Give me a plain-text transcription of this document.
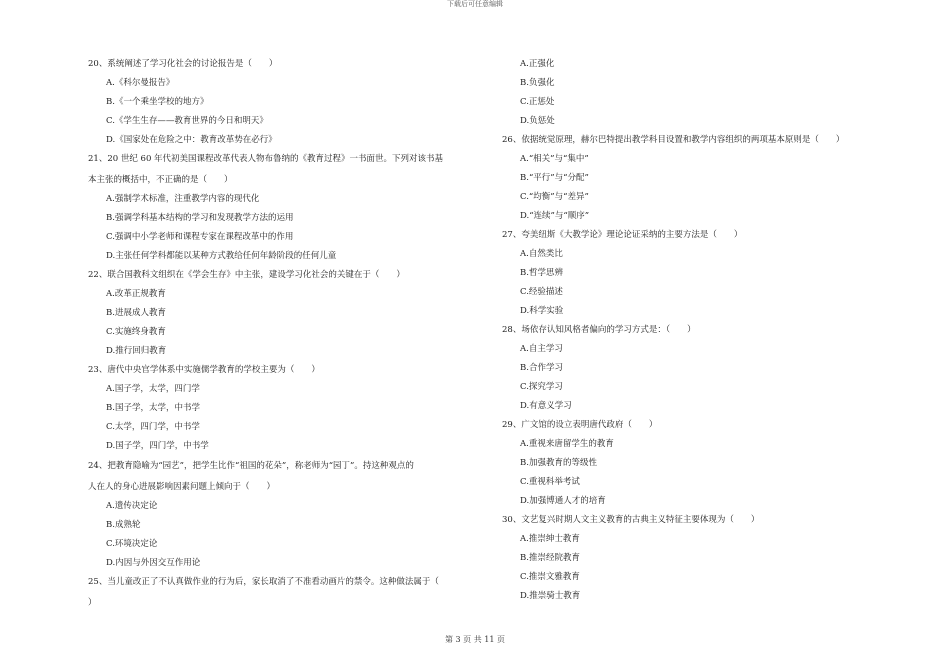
下载后可任意编辑
20、系统阐述了学习化社会的讨论报告是（　　）
A.《科尔曼报告》
B.《一个乘坐学校的地方》
C.《学生生存——教育世界的今日和明天》
D.《国家处在危险之中：教育改革势在必行》
21、20 世纪 60 年代初美国课程改革代表人物布鲁纳的《教育过程》一书面世。下列对该书基
本主张的概括中，不正确的是（　　）
A.强制学术标准，注重教学内容的现代化
B.强调学科基本结构的学习和发现教学方法的运用
C.强调中小学老师和课程专家在课程改革中的作用
D.主张任何学科都能以某种方式教给任何年龄阶段的任何儿童
22、联合国教科文组织在《学会生存》中主张，建设学习化社会的关键在于（　　）
A.改革正规教育
B.进展成人教育
C.实施终身教育
D.推行回归教育
23、唐代中央官学体系中实施儒学教育的学校主要为（　　）
A.国子学，太学，四门学
B.国子学，太学，中书学
C.太学，四门学，中书学
D.国子学，四门学，中书学
24、把教育隐喻为“园艺”，把学生比作“祖国的花朵”，称老师为“园丁”。持这种观点的
人在人的身心进展影响因素问题上倾向于（　　）
A.遗传决定论
B.成熟轮
C.环境决定论
D.内因与外因交互作用论
25、当儿童改正了不认真做作业的行为后，家长取消了不准看动画片的禁令。这种做法属于（
）
A.正强化
B.负强化
C.正惩处
D.负惩处
26、依据统觉原理，赫尔巴特提出教学科目设置和教学内容组织的两项基本原则是（　　）
A.“相关”与“集中”
B.“平行”与“分配”
C.“均衡”与“差异”
D.“连续”与“顺序”
27、夸美纽斯《大教学论》理论论证采纳的主要方法是（　　）
A.自然类比
B.哲学思辨
C.经验描述
D.科学实验
28、场依存认知风格者偏向的学习方式是：（　　）
A.自主学习
B.合作学习
C.探究学习
D.有意义学习
29、广文馆的设立表明唐代政府（　　）
A.重视来唐留学生的教育
B.加强教育的等级性
C.重视科举考试
D.加强博通人才的培育
30、文艺复兴时期人文主义教育的古典主义特征主要体现为（　　）
A.推崇绅士教育
B.推崇经院教育
C.推崇文雅教育
D.推崇骑士教育
第 3 页 共 11 页
